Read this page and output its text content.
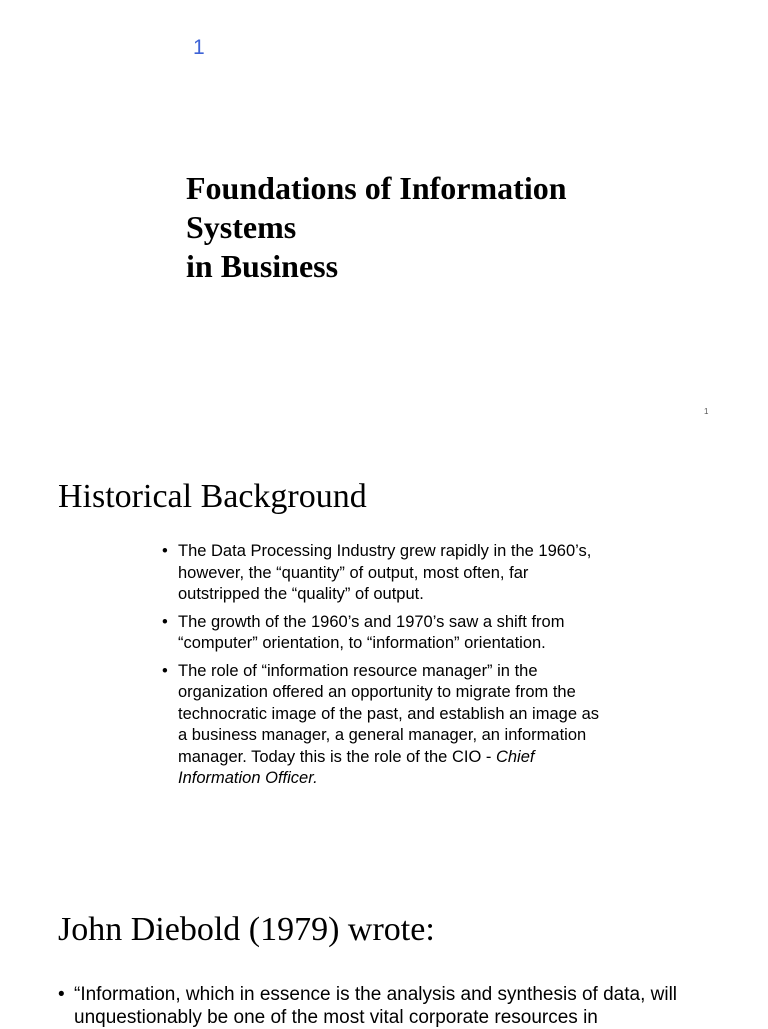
1
Foundations of Information
Systems
in Business
1
Historical Background
• The Data Processing Industry grew rapidly in the 1960’s, however, the “quantity” of output, most often, far outstripped the “quality” of output.
• The growth of the 1960’s and 1970’s saw a shift from “computer” orientation, to “information” orientation.
• The role of “information resource manager” in the organization offered an opportunity to migrate from the technocratic image of the past, and establish an image as a business manager, a general manager, an information manager. Today this is the role of the CIO - Chief Information Officer.
John Diebold (1979) wrote:
• “Information, which in essence is the analysis and synthesis of data, will unquestionably be one of the most vital corporate resources in
